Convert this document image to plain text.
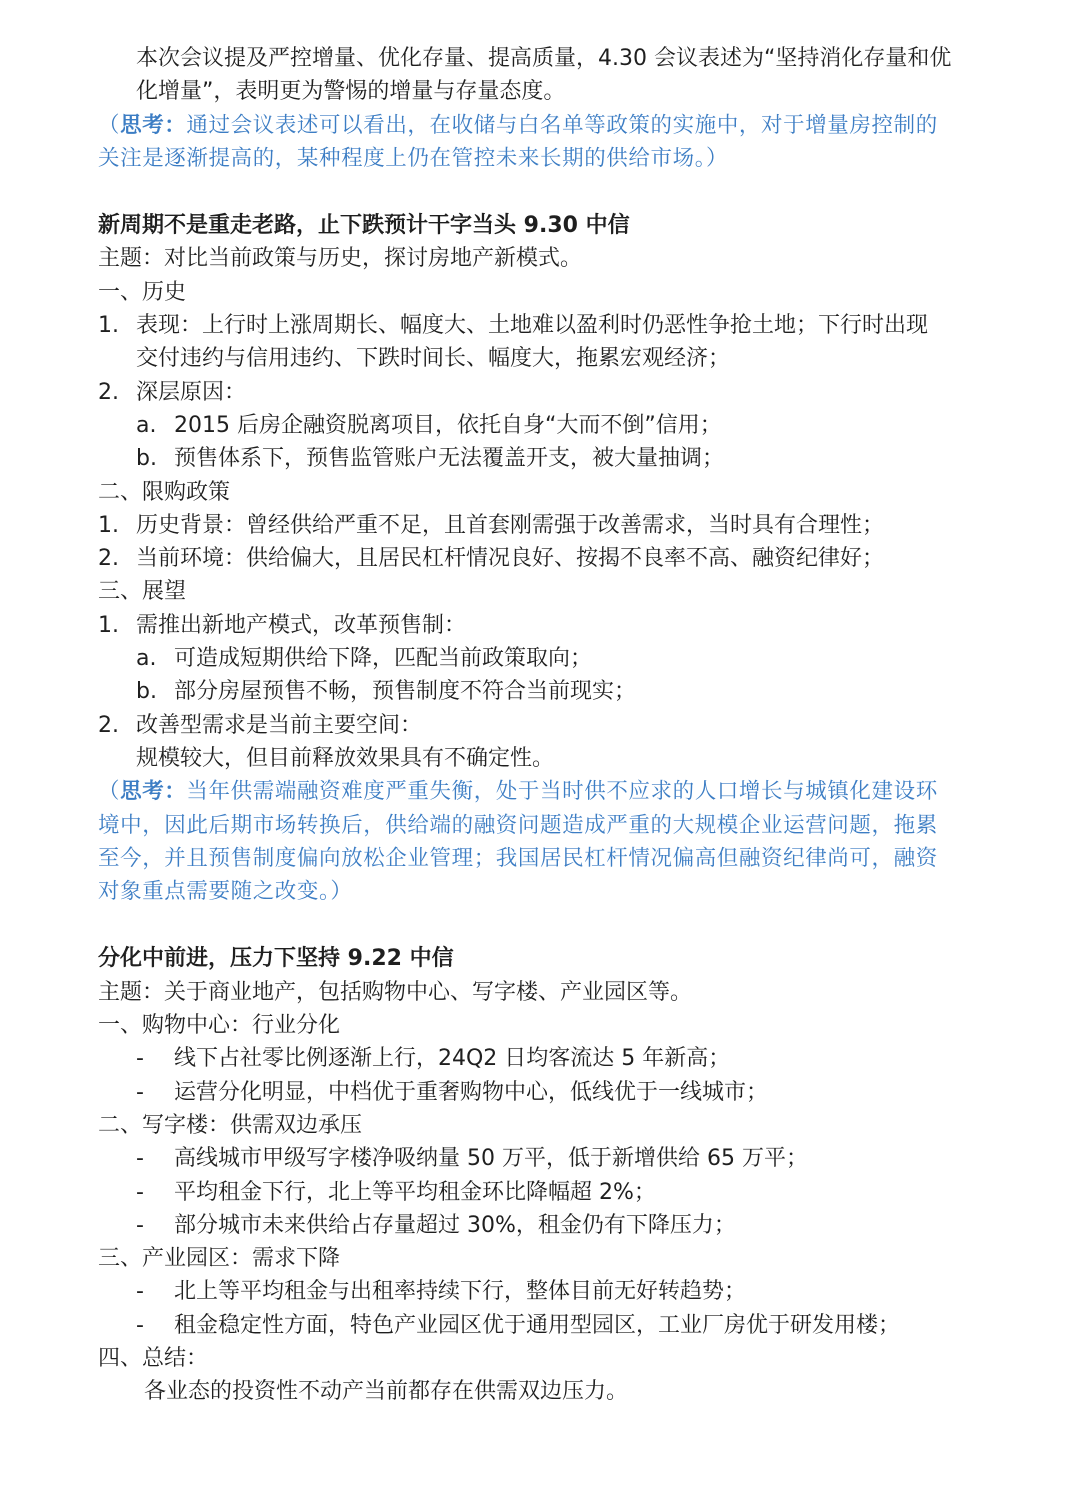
本次会议提及严控增量、优化存量、提高质量，4.30 会议表述为“坚持消化存量和优
化增量”，表明更为警惕的增量与存量态度。
（思考：通过会议表述可以看出，在收储与白名单等政策的实施中，对于增量房控制的
关注是逐渐提高的，某种程度上仍在管控未来长期的供给市场。）
新周期不是重走老路，止下跌预计干字当头 9.30 中信
主题：对比当前政策与历史，探讨房地产新模式。
一、历史
1. 表现：上行时上涨周期长、幅度大、土地难以盈利时仍恶性争抢土地；下行时出现
交付违约与信用违约、下跌时间长、幅度大，拖累宏观经济；
2. 深层原因：
a. 2015 后房企融资脱离项目，依托自身“大而不倒”信用；
b. 预售体系下，预售监管账户无法覆盖开支，被大量抽调；
二、限购政策
1. 历史背景：曾经供给严重不足，且首套刚需强于改善需求，当时具有合理性；
2. 当前环境：供给偏大，且居民杠杆情况良好、按揭不良率不高、融资纪律好；
三、展望
1. 需推出新地产模式，改革预售制：
a. 可造成短期供给下降，匹配当前政策取向；
b. 部分房屋预售不畅，预售制度不符合当前现实；
2. 改善型需求是当前主要空间：
规模较大，但目前释放效果具有不确定性。
（思考：当年供需端融资难度严重失衡，处于当时供不应求的人口增长与城镇化建设环
境中，因此后期市场转换后，供给端的融资问题造成严重的大规模企业运营问题，拖累
至今，并且预售制度偏向放松企业管理；我国居民杠杆情况偏高但融资纪律尚可，融资
对象重点需要随之改变。）
分化中前进，压力下坚持 9.22 中信
主题：关于商业地产，包括购物中心、写字楼、产业园区等。
一、购物中心：行业分化
- 线下占社零比例逐渐上行，24Q2 日均客流达 5 年新高；
- 运营分化明显，中档优于重奢购物中心，低线优于一线城市；
二、写字楼：供需双边承压
- 高线城市甲级写字楼净吸纳量 50 万平，低于新增供给 65 万平；
- 平均租金下行，北上等平均租金环比降幅超 2%；
- 部分城市未来供给占存量超过 30%，租金仍有下降压力；
三、产业园区：需求下降
- 北上等平均租金与出租率持续下行，整体目前无好转趋势；
- 租金稳定性方面，特色产业园区优于通用型园区，工业厂房优于研发用楼；
四、总结：
各业态的投资性不动产当前都存在供需双边压力。
